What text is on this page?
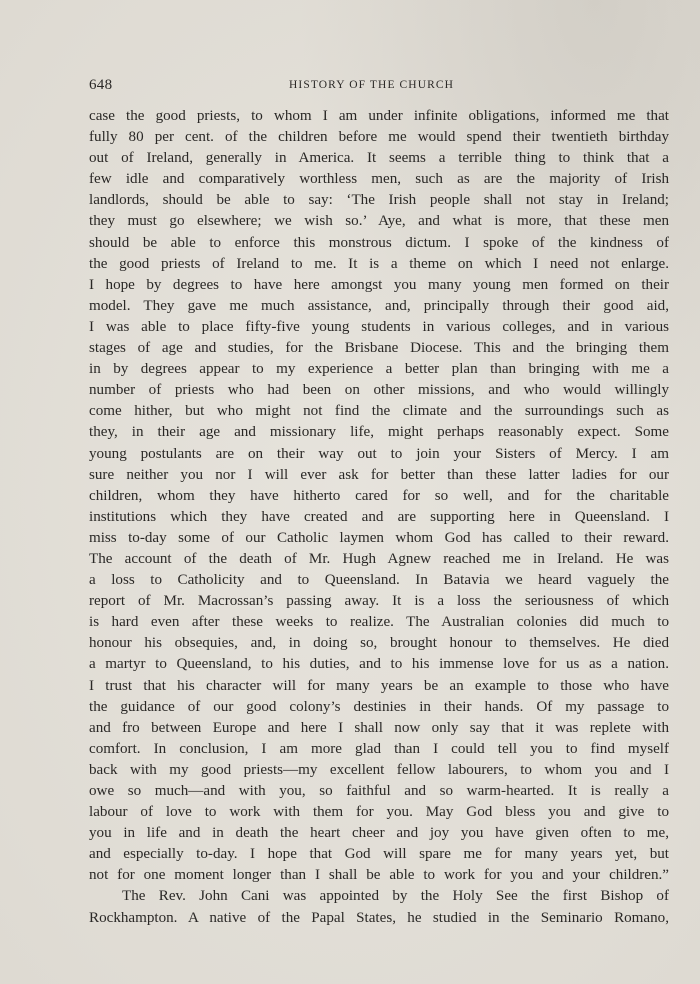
648	HISTORY OF THE CHURCH
case the good priests, to whom I am under infinite obligations, informed me that
fully 80 per cent. of the children before me would spend their twentieth birthday
out of Ireland, generally in America. It seems a terrible thing to think that a
few idle and comparatively worthless men, such as are the majority of Irish
landlords, should be able to say: ‘The Irish people shall not stay in Ireland;
they must go elsewhere; we wish so.’ Aye, and what is more, that these men
should be able to enforce this monstrous dictum. I spoke of the kindness of
the good priests of Ireland to me. It is a theme on which I need not enlarge.
I hope by degrees to have here amongst you many young men formed on their
model. They gave me much assistance, and, principally through their good aid,
I was able to place fifty-five young students in various colleges, and in various
stages of age and studies, for the Brisbane Diocese. This and the bringing them
in by degrees appear to my experience a better plan than bringing with me a
number of priests who had been on other missions, and who would willingly
come hither, but who might not find the climate and the surroundings such as
they, in their age and missionary life, might perhaps reasonably expect. Some
young postulants are on their way out to join your Sisters of Mercy. I am
sure neither you nor I will ever ask for better than these latter ladies for our
children, whom they have hitherto cared for so well, and for the charitable
institutions which they have created and are supporting here in Queensland. I
miss to-day some of our Catholic laymen whom God has called to their reward.
The account of the death of Mr. Hugh Agnew reached me in Ireland. He was
a loss to Catholicity and to Queensland. In Batavia we heard vaguely the
report of Mr. Macrossan’s passing away. It is a loss the seriousness of which
is hard even after these weeks to realize. The Australian colonies did much to
honour his obsequies, and, in doing so, brought honour to themselves. He died
a martyr to Queensland, to his duties, and to his immense love for us as a nation.
I trust that his character will for many years be an example to those who have
the guidance of our good colony’s destinies in their hands. Of my passage to
and fro between Europe and here I shall now only say that it was replete with
comfort. In conclusion, I am more glad than I could tell you to find myself
back with my good priests—my excellent fellow labourers, to whom you and I
owe so much—and with you, so faithful and so warm-hearted. It is really a
labour of love to work with them for you. May God bless you and give to
you in life and in death the heart cheer and joy you have given often to me,
and especially to-day. I hope that God will spare me for many years yet, but
not for one moment longer than I shall be able to work for you and your children.”
The Rev. John Cani was appointed by the Holy See the first Bishop of
Rockhampton. A native of the Papal States, he studied in the Seminario Romano,
